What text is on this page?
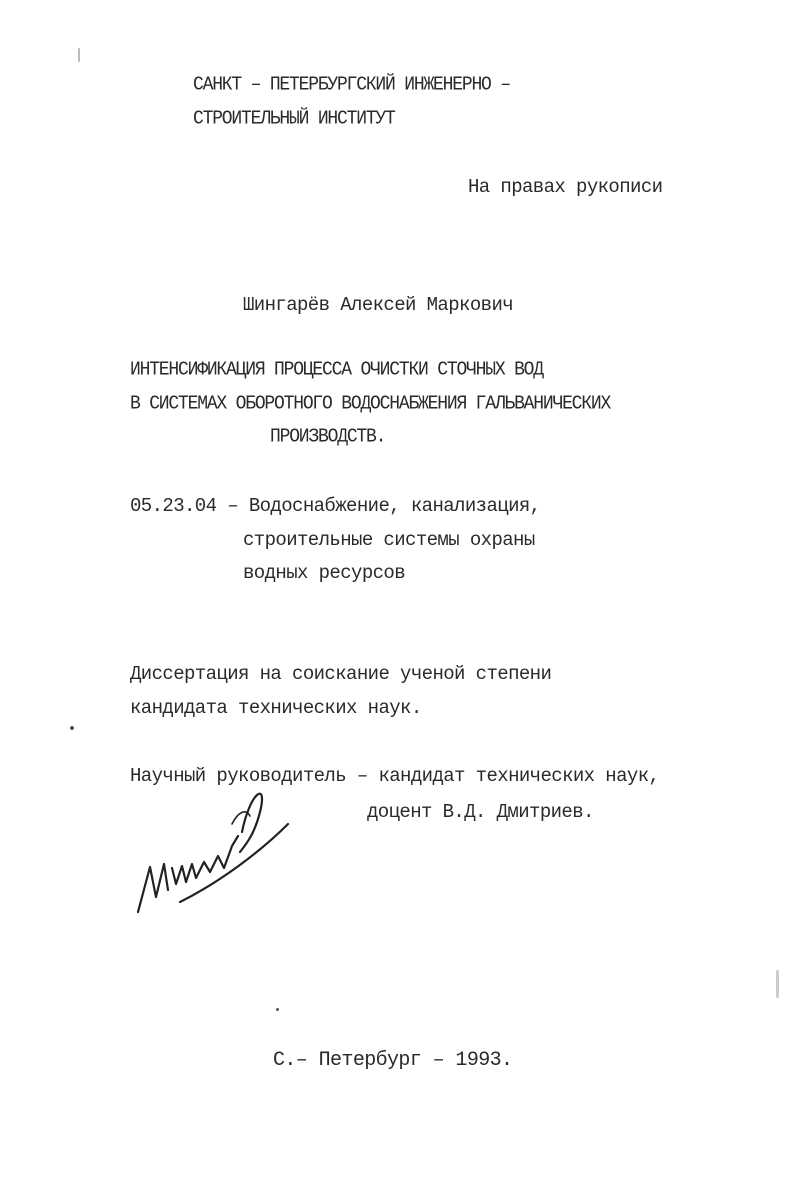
САНКТ – ПЕТЕРБУРГСКИЙ ИНЖЕНЕРНО –
СТРОИТЕЛЬНЫЙ ИНСТИТУТ
На правах рукописи
Шингарёв Алексей Маркович
ИНТЕНСИФИКАЦИЯ ПРОЦЕССА ОЧИСТКИ СТОЧНЫХ ВОД
В СИСТЕМАХ ОБОРОТНОГО ВОДОСНАБЖЕНИЯ ГАЛЬВАНИЧЕСКИХ
ПРОИЗВОДСТВ.
05.23.04 – Водоснабжение, канализация,
строительные системы охраны
водных ресурсов
Диссертация на соискание ученой степени
кандидата технических наук.
Научный руководитель – кандидат технических наук,
доцент В.Д. Дмитриев.
С.– Петербург – 1993.
